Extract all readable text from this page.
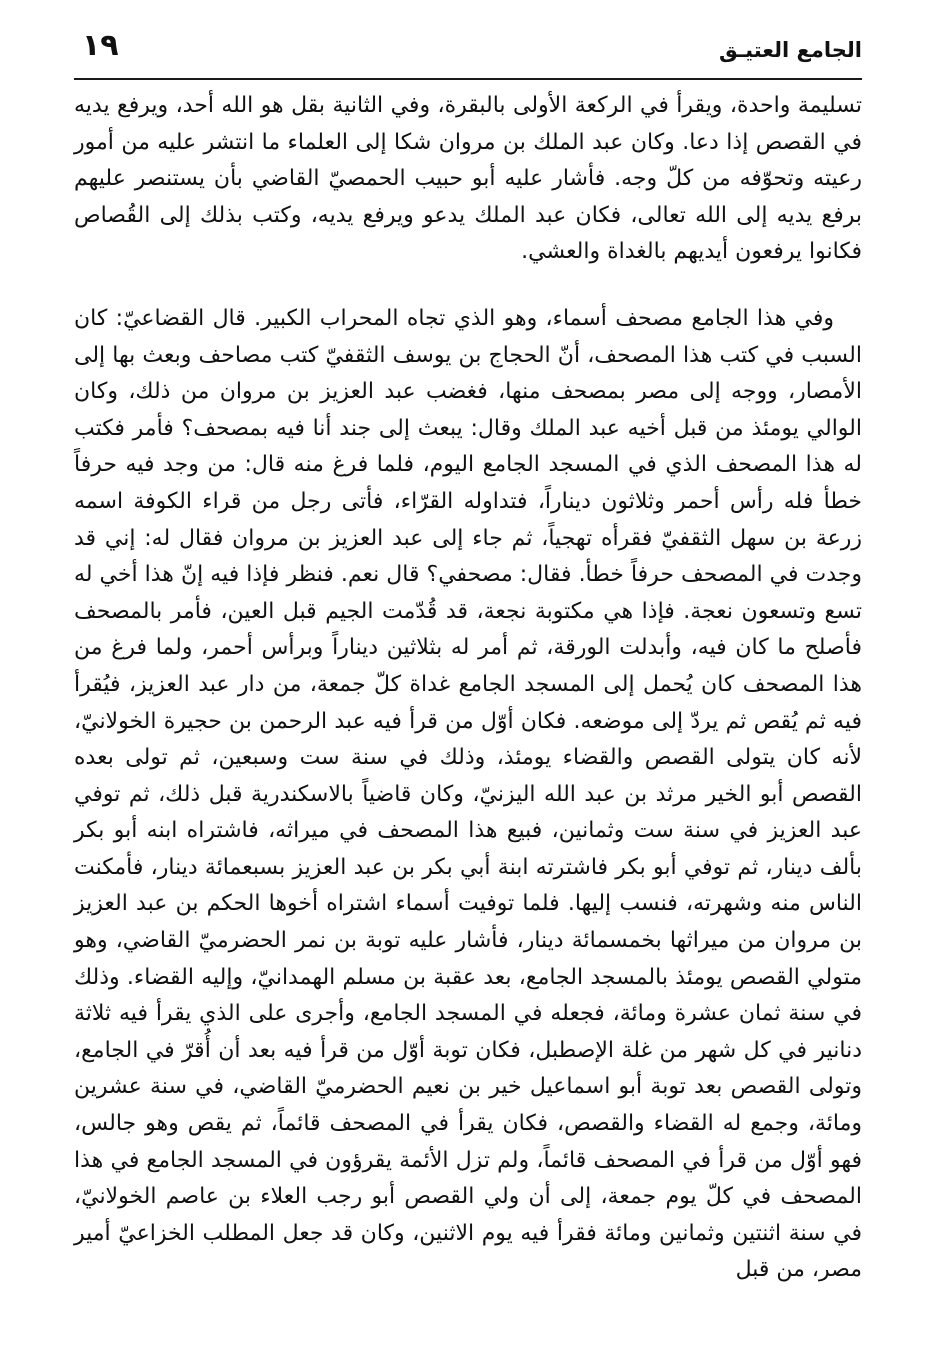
الجامع العتيـق
١٩

تسليمة واحدة، ويقرأ في الركعة الأولى بالبقرة، وفي الثانية بقل هو الله أحد، ويرفع يديه في القصص إذا دعا. وكان عبد الملك بن مروان شكا إلى العلماء ما انتشر عليه من أمور رعيته وتحوّفه من كلّ وجه. فأشار عليه أبو حبيب الحمصيّ القاضي بأن يستنصر عليهم برفع يديه إلى الله تعالى، فكان عبد الملك يدعو ويرفع يديه، وكتب بذلك إلى القُصاص فكانوا يرفعون أيديهم بالغداة والعشي.

وفي هذا الجامع مصحف أسماء، وهو الذي تجاه المحراب الكبير. قال القضاعيّ: كان السبب في كتب هذا المصحف، أنّ الحجاج بن يوسف الثقفيّ كتب مصاحف وبعث بها إلى الأمصار، ووجه إلى مصر بمصحف منها، فغضب عبد العزيز بن مروان من ذلك، وكان الوالي يومئذ من قبل أخيه عبد الملك وقال: يبعث إلى جند أنا فيه بمصحف؟ فأمر فكتب له هذا المصحف الذي في المسجد الجامع اليوم، فلما فرغ منه قال: من وجد فيه حرفاً خطأ فله رأس أحمر وثلاثون ديناراً، فتداوله القرّاء، فأتى رجل من قراء الكوفة اسمه زرعة بن سهل الثقفيّ فقرأه تهجياً، ثم جاء إلى عبد العزيز بن مروان فقال له: إني قد وجدت في المصحف حرفاً خطأ. فقال: مصحفي؟ قال نعم. فنظر فإذا فيه إنّ هذا أخي له تسع وتسعون نعجة. فإذا هي مكتوبة نجعة، قد قُدّمت الجيم قبل العين، فأمر بالمصحف فأصلح ما كان فيه، وأبدلت الورقة، ثم أمر له بثلاثين ديناراً وبرأس أحمر، ولما فرغ من هذا المصحف كان يُحمل إلى المسجد الجامع غداة كلّ جمعة، من دار عبد العزيز، فيُقرأ فيه ثم يُقص ثم يردّ إلى موضعه. فكان أوّل من قرأ فيه عبد الرحمن بن حجيرة الخولانيّ، لأنه كان يتولى القصص والقضاء يومئذ، وذلك في سنة ست وسبعين، ثم تولى بعده القصص أبو الخير مرثد بن عبد الله اليزنيّ، وكان قاضياً بالاسكندرية قبل ذلك، ثم توفي عبد العزيز في سنة ست وثمانين، فبيع هذا المصحف في ميراثه، فاشتراه ابنه أبو بكر بألف دينار، ثم توفي أبو بكر فاشترته ابنة أبي بكر بن عبد العزيز بسبعمائة دينار، فأمكنت الناس منه وشهرته، فنسب إليها. فلما توفيت أسماء اشتراه أخوها الحكم بن عبد العزيز بن مروان من ميراثها بخمسمائة دينار، فأشار عليه توبة بن نمر الحضرميّ القاضي، وهو متولي القصص يومئذ بالمسجد الجامع، بعد عقبة بن مسلم الهمدانيّ، وإليه القضاء. وذلك في سنة ثمان عشرة ومائة، فجعله في المسجد الجامع، وأجرى على الذي يقرأ فيه ثلاثة دنانير في كل شهر من غلة الإصطبل، فكان توبة أوّل من قرأ فيه بعد أن أُقرّ في الجامع، وتولى القصص بعد توبة أبو اسماعيل خير بن نعيم الحضرميّ القاضي، في سنة عشرين ومائة، وجمع له القضاء والقصص، فكان يقرأ في المصحف قائماً، ثم يقص وهو جالس، فهو أوّل من قرأ في المصحف قائماً، ولم تزل الأئمة يقرؤون في المسجد الجامع في هذا المصحف في كلّ يوم جمعة، إلى أن ولي القصص أبو رجب العلاء بن عاصم الخولانيّ، في سنة اثنتين وثمانين ومائة فقرأ فيه يوم الاثنين، وكان قد جعل المطلب الخزاعيّ أمير مصر، من قبل
